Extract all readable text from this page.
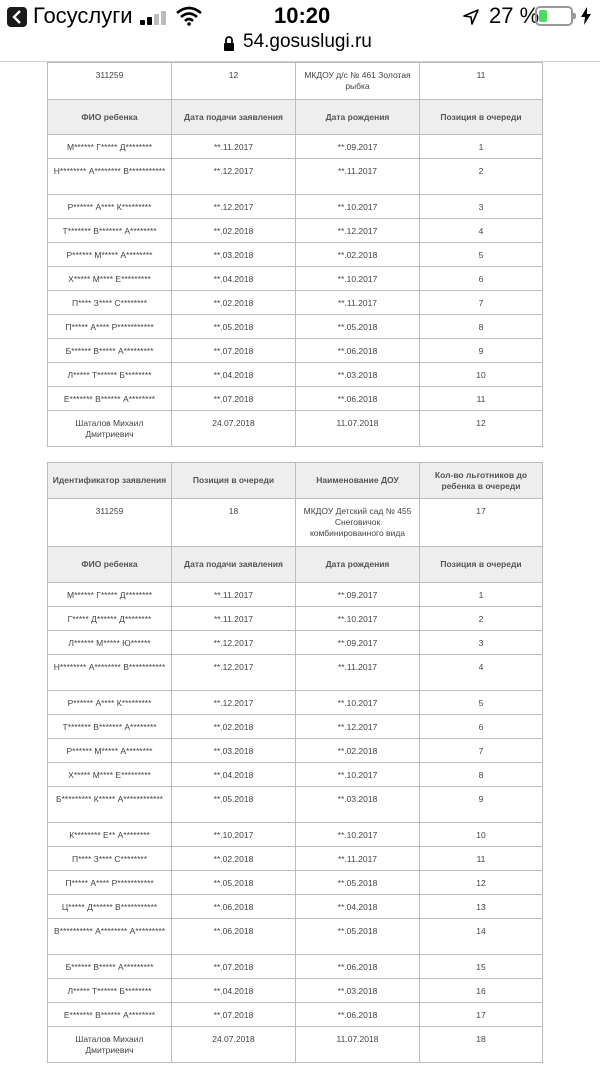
Госуслуги	10:20	27 %
54.gosuslugi.ru
311259	12	МКДОУ д/с № 461 Золотая рыбка	11
ФИО ребенка	Дата подачи заявления	Дата рождения	Позиция в очереди
М****** Г***** Д********	**.11.2017	**.09.2017	1
Н******** А******** В***********	**.12.2017	**.11.2017	2
Р****** А**** К*********	**.12.2017	**.10.2017	3
Т******* В******* А********	**.02.2018	**.12.2017	4
Р****** М***** А********	**.03.2018	**.02.2018	5
Х***** М**** Е*********	**.04.2018	**.10.2017	6
П**** З**** С********	**.02.2018	**.11.2017	7
П***** А**** Р***********	**.05.2018	**.05.2018	8
Б****** В***** А*********	**.07.2018	**.06.2018	9
Л***** Т****** Б********	**.04.2018	**.03.2018	10
Е******* В****** А********	**.07.2018	**.06.2018	11
Шаталов Михаил Дмитриевич	24.07.2018	11.07.2018	12
Идентификатор заявления	Позиция в очереди	Наименование ДОУ	Кол-во льготников до ребенка в очереди
311259	18	МКДОУ Детский сад № 455 Снеговичок комбинированного вида	17
ФИО ребенка	Дата подачи заявления	Дата рождения	Позиция в очереди
М****** Г***** Д********	**.11.2017	**.09.2017	1
Г***** Д****** Д********	**.11.2017	**.10.2017	2
Л****** М***** Ю******	**.12.2017	**.09.2017	3
Н******** А******** В***********	**.12.2017	**.11.2017	4
Р****** А**** К*********	**.12.2017	**.10.2017	5
Т******* В******* А********	**.02.2018	**.12.2017	6
Р****** М***** А********	**.03.2018	**.02.2018	7
Х***** М**** Е*********	**.04.2018	**.10.2017	8
Б********* К***** А************	**.05.2018	**.03.2018	9
К******** Е** А********	**.10.2017	**.10.2017	10
П**** З**** С********	**.02.2018	**.11.2017	11
П***** А**** Р***********	**.05.2018	**.05.2018	12
Ц***** Д****** В***********	**.06.2018	**.04.2018	13
В********** А******** А*********	**.06.2018	**.05.2018	14
Б****** В***** А*********	**.07.2018	**.06.2018	15
Л***** Т****** Б********	**.04.2018	**.03.2018	16
Е******* В****** А********	**.07.2018	**.06.2018	17
Шаталов Михаил Дмитриевич	24.07.2018	11.07.2018	18
